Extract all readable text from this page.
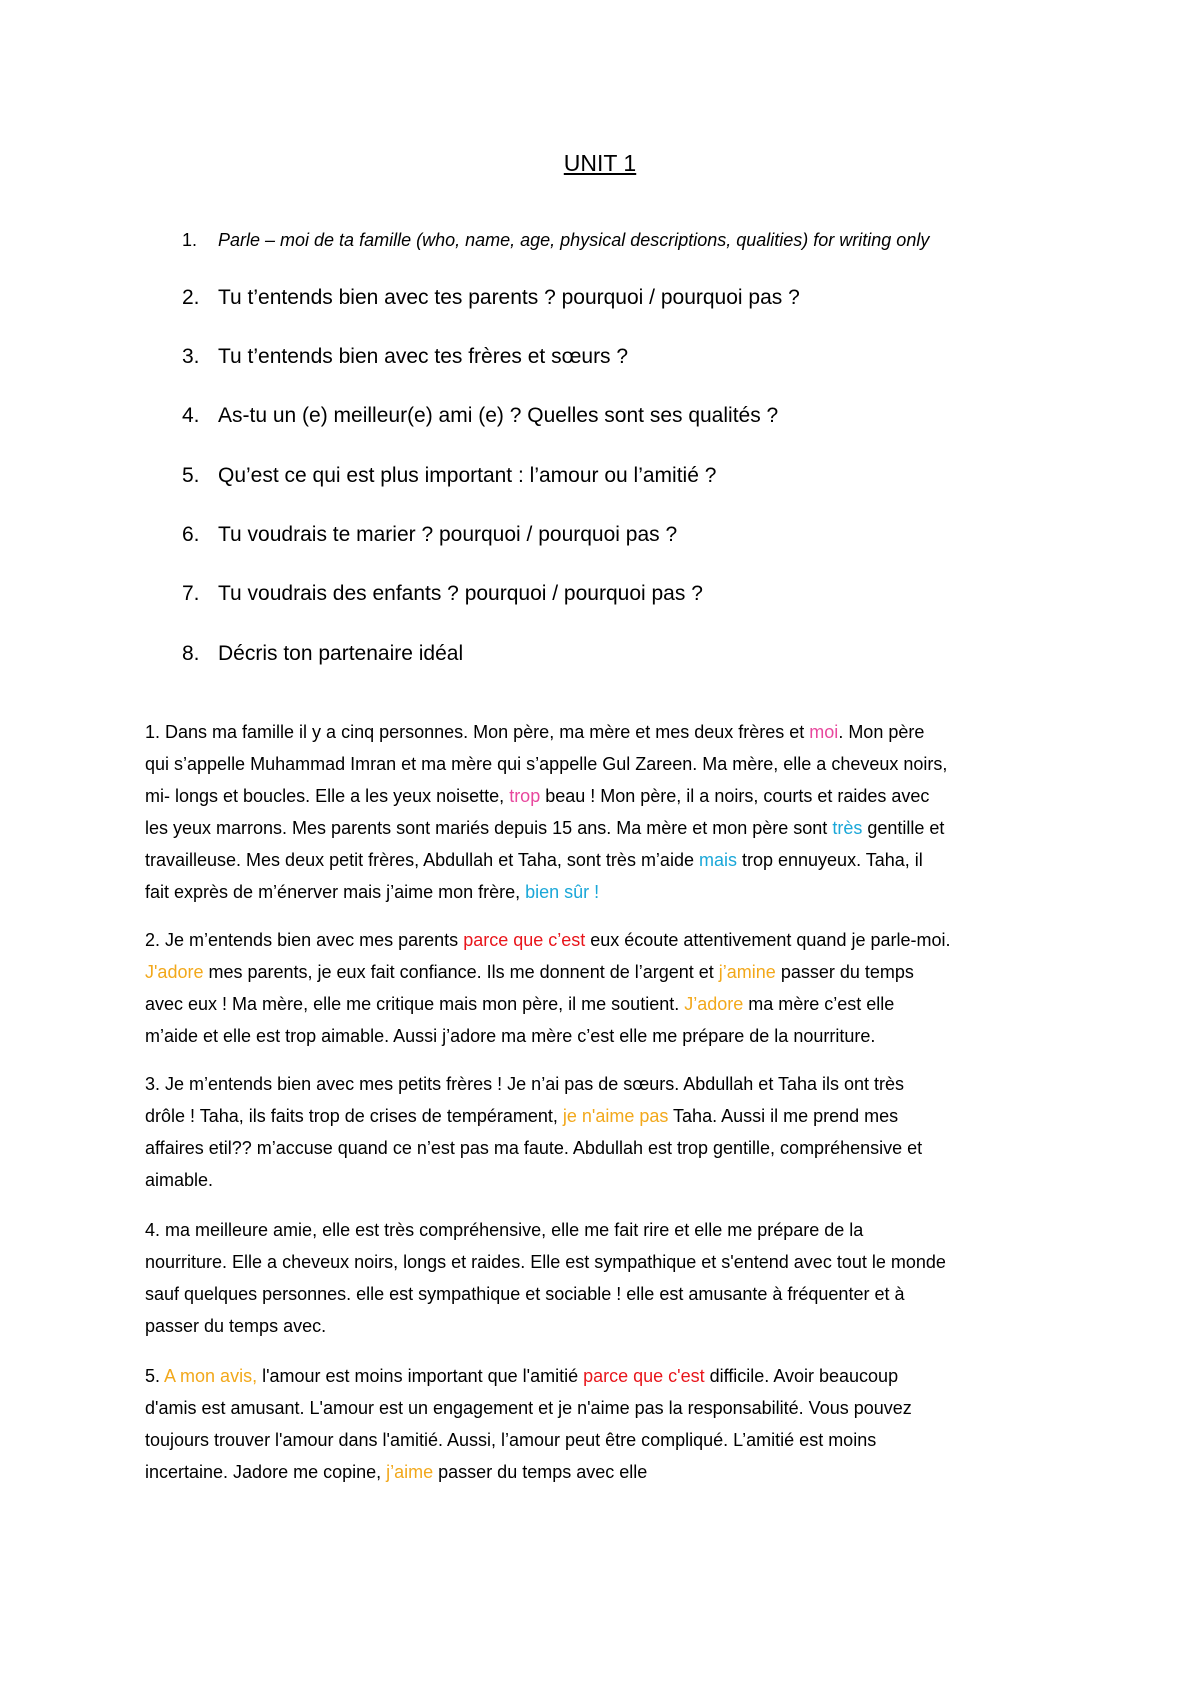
UNIT 1
1.	Parle – moi de ta famille (who, name, age, physical descriptions, qualities) for writing only
2. Tu t’entends bien avec tes parents ? pourquoi / pourquoi pas ?
3. Tu t’entends bien avec tes frères et sœurs ?
4. As-tu un (e) meilleur(e) ami (e) ? Quelles sont ses qualités ?
5. Qu’est ce qui est plus important : l’amour ou l’amitié ?
6. Tu voudrais te marier ? pourquoi / pourquoi pas ?
7. Tu voudrais des enfants ? pourquoi / pourquoi pas ?
8. Décris ton partenaire idéal
1. Dans ma famille il y a cinq personnes. Mon père, ma mère et mes deux frères et moi. Mon père
qui s’appelle Muhammad Imran et ma mère qui s’appelle Gul Zareen. Ma mère, elle a cheveux noirs,
mi- longs et boucles. Elle a les yeux noisette, trop beau ! Mon père, il a noirs, courts et raides avec
les yeux marrons. Mes parents sont mariés depuis 15 ans. Ma mère et mon père sont très gentille et
travailleuse. Mes deux petit frères, Abdullah et Taha, sont très m’aide mais trop ennuyeux. Taha, il
fait exprès de m’énerver mais j’aime mon frère, bien sûr !
2. Je m’entends bien avec mes parents parce que c’est eux écoute attentivement quand je parle-moi.
J'adore mes parents, je eux fait confiance. Ils me donnent de l’argent et j’amine passer du temps
avec eux ! Ma mère, elle me critique mais mon père, il me soutient. J’adore ma mère c’est elle
m’aide et elle est trop aimable. Aussi j’adore ma mère c’est elle me prépare de la nourriture.
3. Je m’entends bien avec mes petits frères ! Je n’ai pas de sœurs. Abdullah et Taha ils ont très
drôle ! Taha, ils faits trop de crises de tempérament, je n'aime pas Taha. Aussi il me prend mes
affaires etil?? m’accuse quand ce n’est pas ma faute. Abdullah est trop gentille, compréhensive et
aimable.
4. ma meilleure amie, elle est très compréhensive, elle me fait rire et elle me prépare de la
nourriture. Elle a cheveux noirs, longs et raides. Elle est sympathique et s'entend avec tout le monde
sauf quelques personnes. elle est sympathique et sociable ! elle est amusante à fréquenter et à
passer du temps avec.
5. A mon avis, l'amour est moins important que l'amitié parce que c'est difficile. Avoir beaucoup
d'amis est amusant. L'amour est un engagement et je n'aime pas la responsabilité. Vous pouvez
toujours trouver l'amour dans l'amitié. Aussi, l’amour peut être compliqué. L’amitié est moins
incertaine. Jadore me copine, j’aime passer du temps avec elle
